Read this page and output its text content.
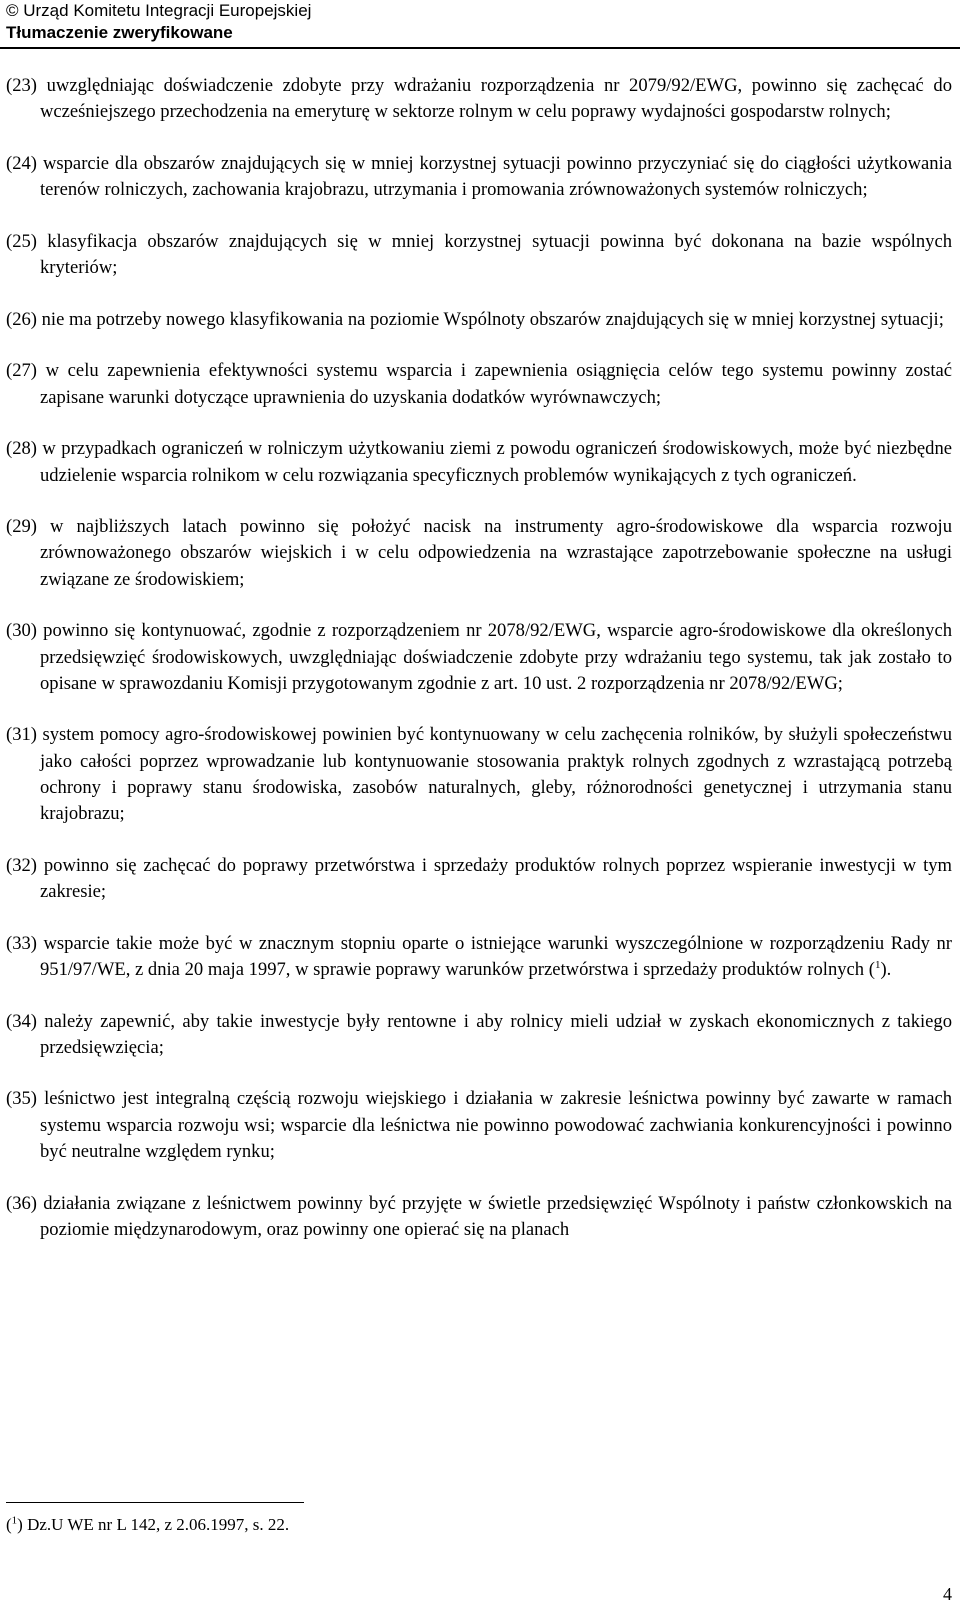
© Urząd Komitetu Integracji Europejskiej
Tłumaczenie zweryfikowane

(23) uwzględniając doświadczenie zdobyte przy wdrażaniu rozporządzenia nr 2079/92/EWG, powinno się zachęcać do wcześniejszego przechodzenia na emeryturę w sektorze rolnym w celu poprawy wydajności gospodarstw rolnych;

(24) wsparcie dla obszarów znajdujących się w mniej korzystnej sytuacji powinno przyczyniać się do ciągłości użytkowania terenów rolniczych, zachowania krajobrazu, utrzymania i promowania zrównoważonych systemów rolniczych;

(25) klasyfikacja obszarów znajdujących się w mniej korzystnej sytuacji powinna być dokonana na bazie wspólnych kryteriów;

(26) nie ma potrzeby nowego klasyfikowania na poziomie Wspólnoty obszarów znajdujących się w mniej korzystnej sytuacji;

(27) w celu zapewnienia efektywności systemu wsparcia i zapewnienia osiągnięcia celów tego systemu powinny zostać zapisane warunki dotyczące uprawnienia do uzyskania dodatków wyrównawczych;

(28) w przypadkach ograniczeń w rolniczym użytkowaniu ziemi z powodu ograniczeń środowiskowych, może być niezbędne udzielenie wsparcia rolnikom w celu rozwiązania specyficznych problemów wynikających z tych ograniczeń.

(29) w najbliższych latach powinno się położyć nacisk na instrumenty agro-środowiskowe dla wsparcia rozwoju zrównoważonego obszarów wiejskich i w celu odpowiedzenia na wzrastające zapotrzebowanie społeczne na usługi związane ze środowiskiem;

(30) powinno się kontynuować, zgodnie z rozporządzeniem nr 2078/92/EWG, wsparcie agro-środowiskowe dla określonych przedsięwzięć środowiskowych, uwzględniając doświadczenie zdobyte przy wdrażaniu tego systemu, tak jak zostało to opisane w sprawozdaniu Komisji przygotowanym zgodnie z art. 10 ust. 2 rozporządzenia nr 2078/92/EWG;

(31) system pomocy agro-środowiskowej powinien być kontynuowany w celu zachęcenia rolników, by służyli społeczeństwu jako całości poprzez wprowadzanie lub kontynuowanie stosowania praktyk rolnych zgodnych z wzrastającą potrzebą ochrony i poprawy stanu środowiska, zasobów naturalnych, gleby, różnorodności genetycznej i utrzymania stanu krajobrazu;

(32) powinno się zachęcać do poprawy przetwórstwa i sprzedaży produktów rolnych poprzez wspieranie inwestycji w tym zakresie;

(33) wsparcie takie może być w znacznym stopniu oparte o istniejące warunki wyszczególnione w rozporządzeniu Rady nr 951/97/WE, z dnia 20 maja 1997, w sprawie poprawy warunków przetwórstwa i sprzedaży produktów rolnych ($^1$).

(34) należy zapewnić, aby takie inwestycje były rentowne i aby rolnicy mieli udział w zyskach ekonomicznych z takiego przedsięwzięcia;

(35) leśnictwo jest integralną częścią rozwoju wiejskiego i działania w zakresie leśnictwa powinny być zawarte w ramach systemu wsparcia rozwoju wsi; wsparcie dla leśnictwa nie powinno powodować zachwiania konkurencyjności i powinno być neutralne względem rynku;

(36) działania związane z leśnictwem powinny być przyjęte w świetle przedsięwzięć Wspólnoty i państw członkowskich na poziomie międzynarodowym, oraz powinny one opierać się na planach

($^1$) Dz.U WE nr L 142, z 2.06.1997, s. 22.
4
